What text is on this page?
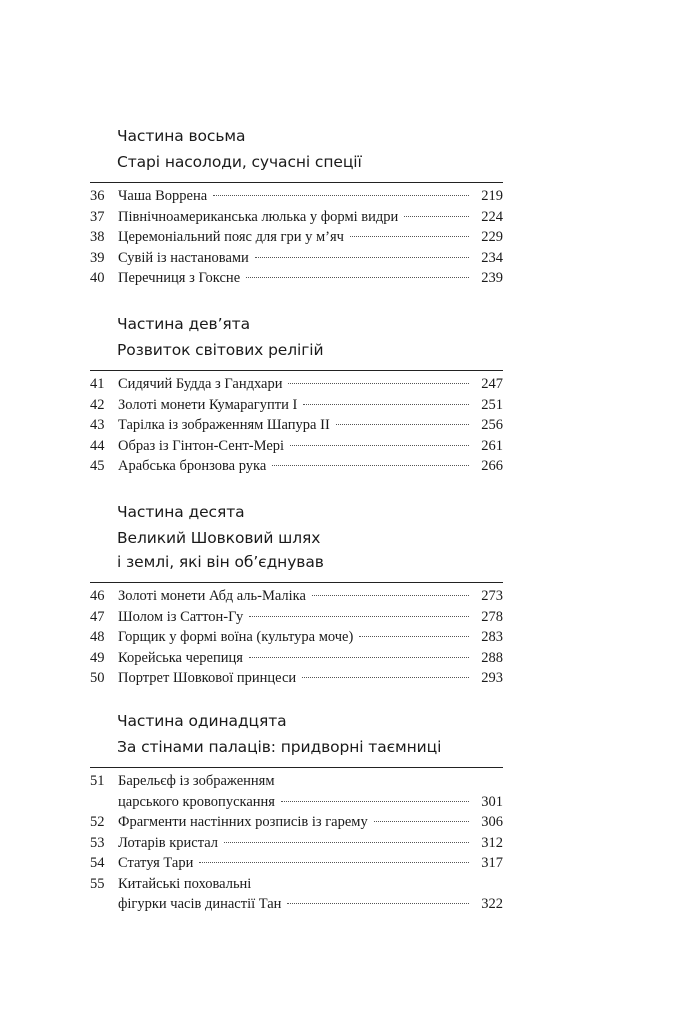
Частина восьма
Старі насолоди, сучасні спеції
36 Чаша Воррена	219
37 Північноамериканська люлька у формі видри	224
38 Церемоніальний пояс для гри у м’яч	229
39 Сувій із настановами	234
40 Перечниця з Гоксне	239
Частина дев’ята
Розвиток світових релігій
41 Сидячий Будда з Гандхари	247
42 Золоті монети Кумарагупти I	251
43 Тарілка із зображенням Шапура II	256
44 Образ із Гінтон-Сент-Мері	261
45 Арабська бронзова рука	266
Частина десята
Великий Шовковий шлях
і землі, які він об’єднував
46 Золоті монети Абд аль-Маліка	273
47 Шолом із Саттон-Гу	278
48 Горщик у формі воїна (культура моче)	283
49 Корейська черепиця	288
50 Портрет Шовкової принцеси	293
Частина одинадцята
За стінами палаців: придворні таємниці
51 Барельєф із зображенням
царського кровопускання	301
52 Фрагменти настінних розписів із гарему	306
53 Лотарів кристал	312
54 Статуя Тари	317
55 Китайські поховальні
фігурки часів династії Тан	322
